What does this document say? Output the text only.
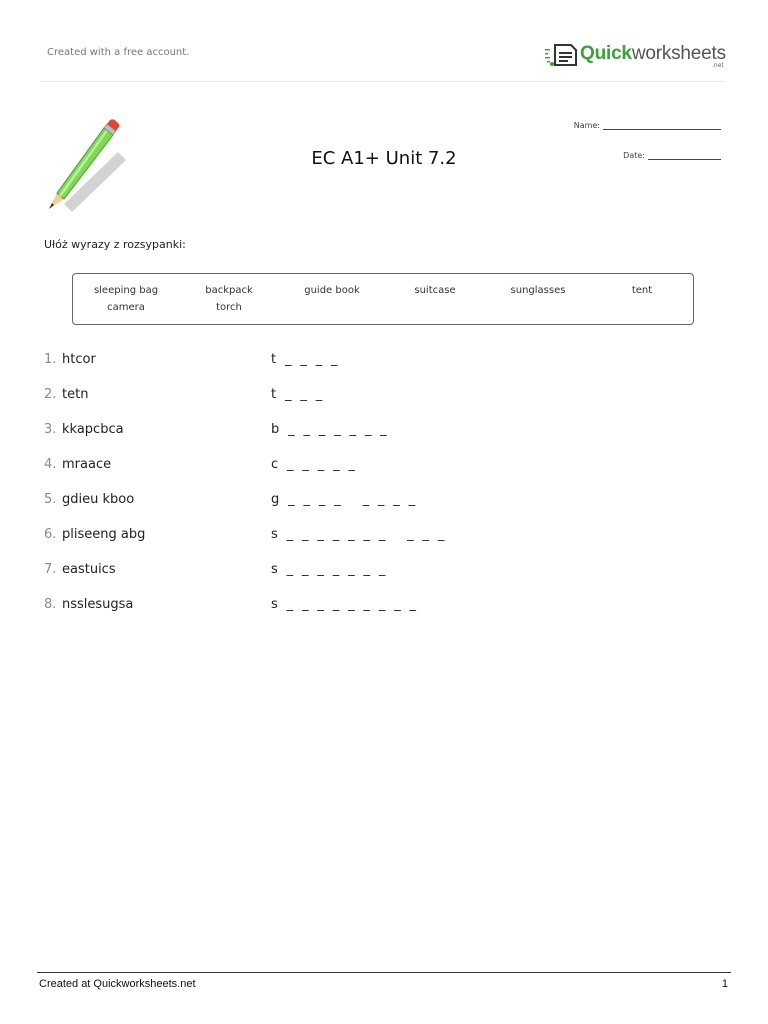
Created with a free account.	Quickworksheets
.net
EC A1+ Unit 7.2
Name:
Date:
Ułóż wyrazy z rozsypanki:
sleeping bag	backpack	guide book	suitcase	sunglasses	tent
camera	torch
1. htcor	t  _  _  _  _
2. tetn	t  _  _  _
3. kkapcbca	b  _  _  _  _  _  _  _
4. mraace	c  _  _  _  _  _
5. gdieu kboo	g  _  _  _  _     _  _  _  _
6. pliseeng abg	s  _  _  _  _  _  _  _     _  _  _
7. eastuics	s  _  _  _  _  _  _  _
8. nsslesugsa	s  _  _  _  _  _  _  _  _  _
Created at Quickworksheets.net	1
